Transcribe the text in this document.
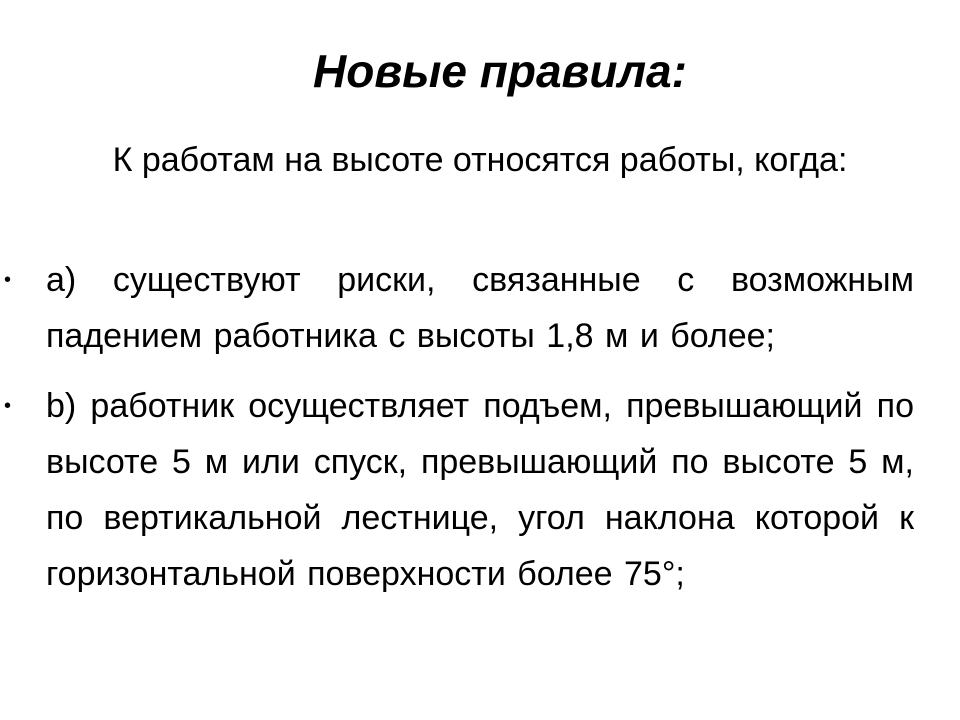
Новые правила:

К работам на высоте относятся работы, когда:

• a) существуют риски, связанные с возможным падением работника с высоты 1,8 м и более;
• b) работник осуществляет подъем, превышающий по высоте 5 м или спуск, превышающий по высоте 5 м, по вертикальной лестнице, угол наклона которой к горизонтальной поверхности более 75°;
